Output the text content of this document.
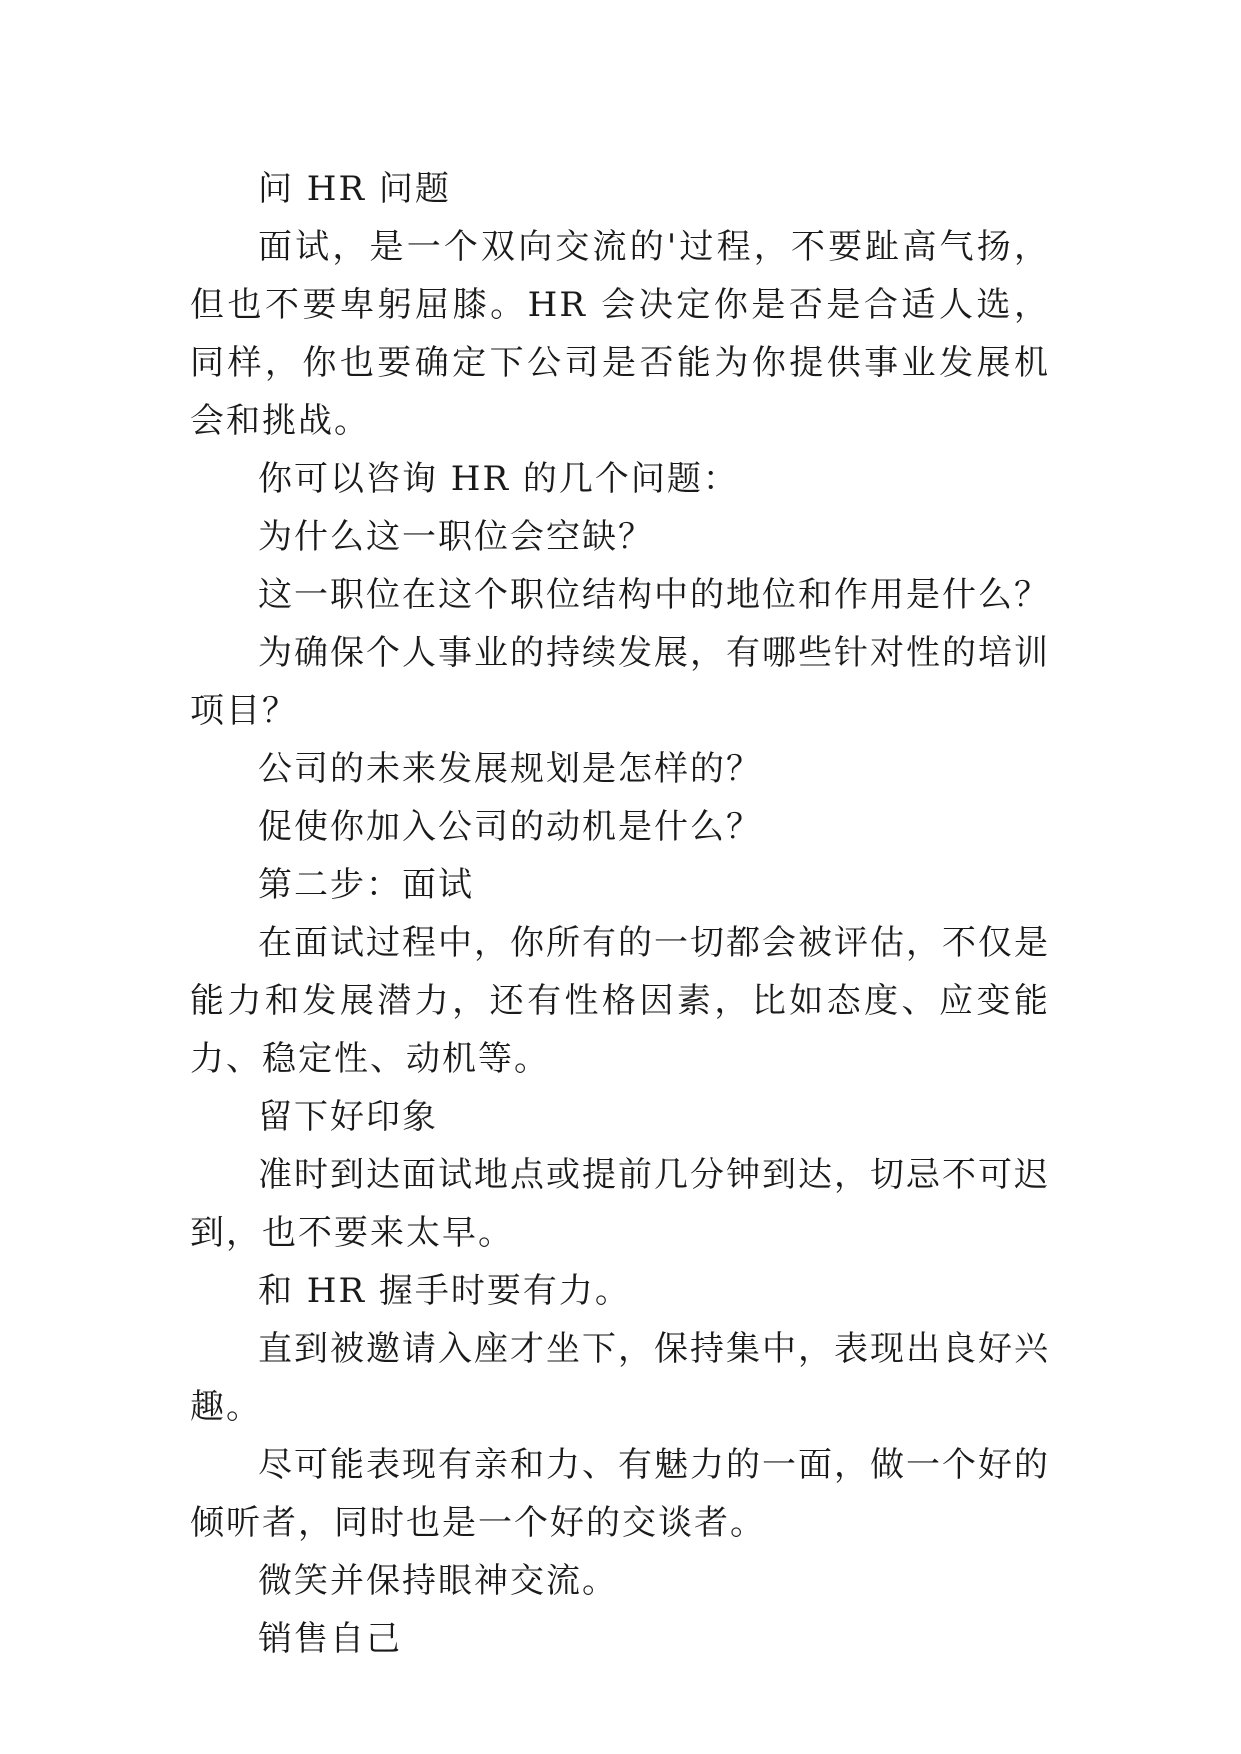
问 HR 问题

面试，是一个双向交流的'过程，不要趾高气扬，但也不要卑躬屈膝。HR 会决定你是否是合适人选，同样，你也要确定下公司是否能为你提供事业发展机会和挑战。

你可以咨询 HR 的几个问题：

为什么这一职位会空缺？

这一职位在这个职位结构中的地位和作用是什么？

为确保个人事业的持续发展，有哪些针对性的培训项目？

公司的未来发展规划是怎样的？

促使你加入公司的动机是什么？

第二步：面试

在面试过程中，你所有的一切都会被评估，不仅是能力和发展潜力，还有性格因素，比如态度、应变能力、稳定性、动机等。

留下好印象

准时到达面试地点或提前几分钟到达，切忌不可迟到，也不要来太早。

和 HR 握手时要有力。

直到被邀请入座才坐下，保持集中，表现出良好兴趣。

尽可能表现有亲和力、有魅力的一面，做一个好的倾听者，同时也是一个好的交谈者。

微笑并保持眼神交流。

销售自己
